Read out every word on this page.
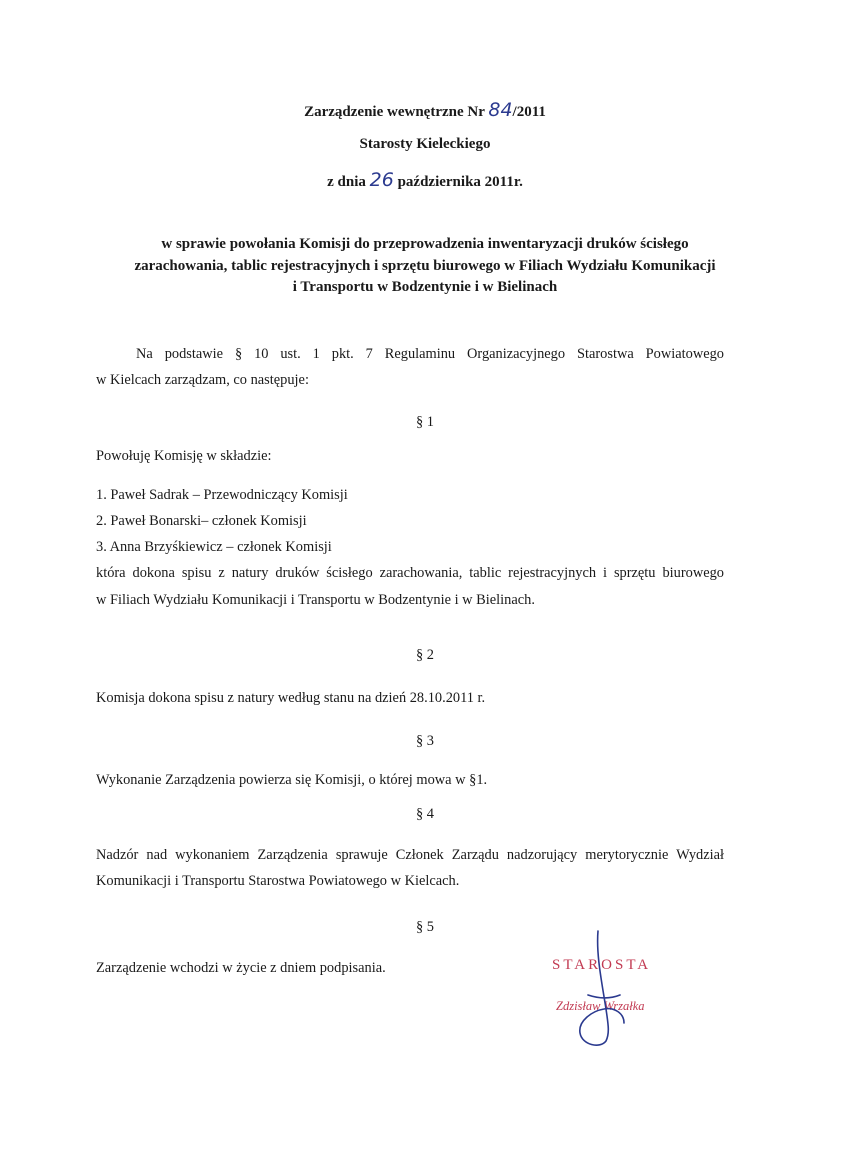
Zarządzenie wewnętrzne Nr 84/2011
Starosty Kieleckiego
z dnia 26 października 2011r.
w sprawie powołania Komisji do przeprowadzenia inwentaryzacji druków ścisłego
zarachowania, tablic rejestracyjnych i sprzętu biurowego w Filiach Wydziału Komunikacji
i Transportu w Bodzentynie i w Bielinach
Na podstawie § 10 ust. 1 pkt. 7 Regulaminu Organizacyjnego Starostwa Powiatowego
w Kielcach zarządzam, co następuje:
§ 1
Powołuję Komisję w składzie:
1. Paweł Sadrak – Przewodniczący Komisji
2. Paweł Bonarski– członek Komisji
3. Anna Brzyśkiewicz – członek Komisji
która dokona spisu z natury druków ścisłego zarachowania, tablic rejestracyjnych i sprzętu biurowego
w Filiach Wydziału Komunikacji i Transportu w Bodzentynie i w Bielinach.
§ 2
Komisja dokona spisu z natury według stanu na dzień 28.10.2011 r.
§ 3
Wykonanie Zarządzenia powierza się Komisji, o której mowa w §1.
§ 4
Nadzór nad wykonaniem Zarządzenia sprawuje Członek Zarządu nadzorujący merytorycznie Wydział
Komunikacji i Transportu Starostwa Powiatowego w Kielcach.
§ 5
Zarządzenie wchodzi w życie z dniem podpisania.	STAROSTA
Zdzisław Wrzałka
